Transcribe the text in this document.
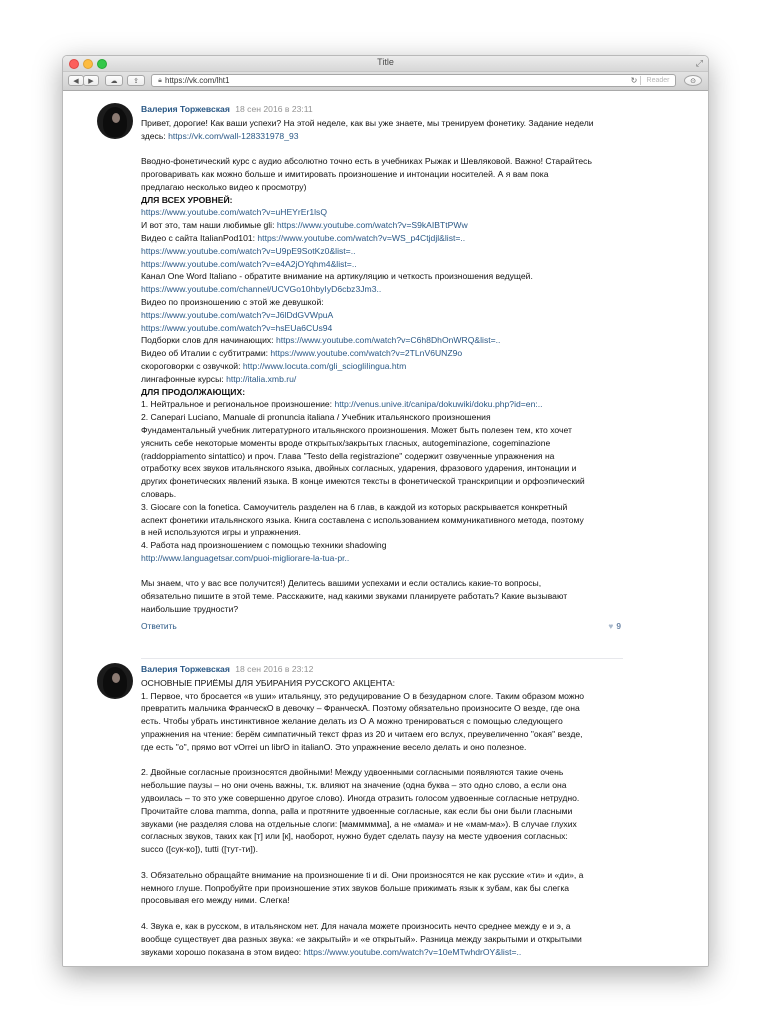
Title	⤢
◀	▶	☁	⇪	🔒︎ https://vk.com/lht1	↻	Reader	⊙
Валерия Торжевская 18 сен 2016 в 23:11
Привет, дорогие! Как ваши успехи? На этой неделе, как вы уже знаете, мы тренируем фонетику. Задание недели
здесь: https://vk.com/wall-128331978_93
Вводно-фонетический курс с аудио абсолютно точно есть в учебниках Рыжак и Шевляковой. Важно! Старайтесь
проговаривать как можно больше и имитировать произношение и интонации носителей. А я вам пока
предлагаю несколько видео к просмотру)
ДЛЯ ВСЕХ УРОВНЕЙ:
https://www.youtube.com/watch?v=uHEYrEr1lsQ
И вот это, там наши любимые gli: https://www.youtube.com/watch?v=S9kAIBTtPWw
Видео с сайта ItalianPod101: https://www.youtube.com/watch?v=WS_p4Ctjdjl&list=..
https://www.youtube.com/watch?v=U9pE9SotKz0&list=..
https://www.youtube.com/watch?v=e4A2jOYqhm4&list=..
Канал One Word Italiano - обратите внимание на артикуляцию и четкость произношения ведущей.
https://www.youtube.com/channel/UCVGo10hbyIyD6cbz3Jm3..
Видео по произношению с этой же девушкой:
https://www.youtube.com/watch?v=J6lDdGVWpuA
https://www.youtube.com/watch?v=hsEUa6CUs94
Подборки слов для начинающих: https://www.youtube.com/watch?v=C6h8DhOnWRQ&list=..
Видео об Италии с субтитрами: https://www.youtube.com/watch?v=2TLnV6UNZ9o
скороговорки с озвучкой: http://www.locuta.com/gli_sciogliIingua.htm
лингафонные курсы: http://italia.xmb.ru/
ДЛЯ ПРОДОЛЖАЮЩИХ:
1. Нейтральное и региональное произношение: http://venus.unive.it/canipa/dokuwiki/doku.php?id=en:..
2. Canepari Luciano, Manuale di pronuncia italiana / Учебник итальянского произношения
Фундаментальный учебник литературного итальянского произношения. Может быть полезен тем, кто хочет
уяснить себе некоторые моменты вроде открытых/закрытых гласных, autogeminazione, cogeminazione
(raddoppiamento sintattico) и проч. Глава "Testo della registrazione" содержит озвученные упражнения на
отработку всех звуков итальянского языка, двойных согласных, ударения, фразового ударения, интонации и
других фонетических явлений языка. В конце имеются тексты в фонетической транскрипции и орфоэпический
словарь.
3. Giocare con la fonetica. Самоучитель разделен на 6 глав, в каждой из которых раскрывается конкретный
аспект фонетики итальянского языка. Книга составлена с использованием коммуникативного метода, поэтому
в ней используются игры и упражнения.
4. Работа над произношением с помощью техники shadowing
http://www.languagetsar.com/puoi-migliorare-la-tua-pr..
Мы знаем, что у вас все получится!) Делитесь вашими успехами и если остались какие-то вопросы,
обязательно пишите в этой теме. Расскажите, над какими звуками планируете работать? Какие вызывают
наибольшие трудности?
Ответить	♥ 9
Валерия Торжевская 18 сен 2016 в 23:12
ОСНОВНЫЕ ПРИЁМЫ ДЛЯ УБИРАНИЯ РУССКОГО АКЦЕНТА:
1. Первое, что бросается «в уши» итальянцу, это редуцирование О в безударном слоге. Таким образом можно
превратить мальчика ФранческО в девочку – ФранческА. Поэтому обязательно произносите О везде, где она
есть. Чтобы убрать инстинктивное желание делать из О А можно тренироваться с помощью следующего
упражнения на чтение: берём симпатичный текст фраз из 20 и читаем его вслух, преувеличенно "окая" везде,
где есть "о", прямо вот vOrrei un librO in italianO. Это упражнение весело делать и оно полезное.
2. Двойные согласные произносятся двойными! Между удвоенными согласными появляются такие очень
небольшие паузы – но они очень важны, т.к. влияют на значение (одна буква – это одно слово, а если она
удвоилась – то это уже совершенно другое слово). Иногда отразить голосом удвоенные согласные нетрудно.
Прочитайте слова mamma, donna, palla и протяните удвоенные согласные, как если бы они были гласными
звуками (не разделяя слова на отдельные слоги: [маммммма], а не «мама» и не «мам-ма»). В случае глухих
согласных звуков, таких как [т] или [к], наоборот, нужно будет сделать паузу на месте удвоения согласных:
succo ([сук-ко]), tutti ([тут-ти]).
3. Обязательно обращайте внимание на произношение ti и di. Они произносятся не как русские «ти» и «ди», а
немного глуше. Попробуйте при произношение этих звуков больше прижимать язык к зубам, как бы слегка
просовывая его между ними. Слегка!
4. Звука е, как в русском, в итальянском нет. Для начала можете произносить нечто среднее между е и э, а
вообще существует два разных звука: «е закрытый» и «е открытый». Разница между закрытыми и открытыми
звуками хорошо показана в этом видео: https://www.youtube.com/watch?v=10eMTwhdrOY&list=..
